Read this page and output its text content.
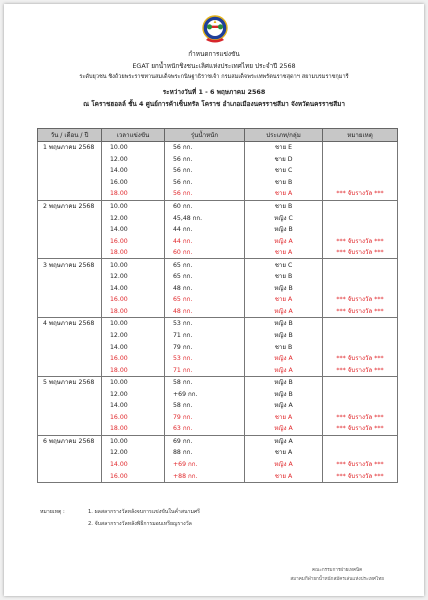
กำหนดการแข่งขัน
EGAT ยกน้ำหนักชิงชนะเลิศแห่งประเทศไทย ประจำปี 2568
ระดับยุวชน ชิงถ้วยพระราชทานสมเด็จพระกนิษฐาธิราชเจ้า กรมสมเด็จพระเทพรัตนราชสุดาฯ สยามบรมราชกุมารี
ระหว่างวันที่ 1 - 6 พฤษภาคม 2568
ณ โคราชฮอลล์ ชั้น 4 ศูนย์การค้าเซ็นทรัล โคราช อำเภอเมืองนครราชสีมา จังหวัดนครราชสีมา
วัน / เดือน / ปี	เวลาแข่งขัน	รุ่นน้ำหนัก	ประเภท/กลุ่ม	หมายเหตุ
1 พฤษภาคม 2568	10.00	56 กก.	ชาย E	
	12.00	56 กก.	ชาย D	
	14.00	56 กก.	ชาย C	
	16.00	56 กก.	ชาย B	
	18.00	56 กก.	ชาย A	*** จับรางวัล ***
2 พฤษภาคม 2568	10.00	60 กก.	ชาย B	
	12.00	45,48 กก.	หญิง C	
	14.00	44 กก.	หญิง B	
	16.00	44 กก.	หญิง A	*** จับรางวัล ***
	18.00	60 กก.	ชาย A	*** จับรางวัล ***
3 พฤษภาคม 2568	10.00	65 กก.	ชาย C	
	12.00	65 กก.	ชาย B	
	14.00	48 กก.	หญิง B	
	16.00	65 กก.	ชาย A	*** จับรางวัล ***
	18.00	48 กก.	หญิง A	*** จับรางวัล ***
4 พฤษภาคม 2568	10.00	53 กก.	หญิง B	
	12.00	71 กก.	หญิง B	
	14.00	79 กก.	ชาย B	
	16.00	53 กก.	หญิง A	*** จับรางวัล ***
	18.00	71 กก.	หญิง A	*** จับรางวัล ***
5 พฤษภาคม 2568	10.00	58 กก.	หญิง B	
	12.00	+69 กก.	หญิง B	
	14.00	58 กก.	หญิง A	
	16.00	79 กก.	ชาย A	*** จับรางวัล ***
	18.00	63 กก.	หญิง A	*** จับรางวัล ***
6 พฤษภาคม 2568	10.00	69 กก.	หญิง A	
	12.00	88 กก.	ชาย A	
	14.00	+69 กก.	หญิง A	*** จับรางวัล ***
	16.00	+88 กก.	ชาย A	*** จับรางวัล ***
หมายเหตุ :	1. ผลสลากรางวัลหลังจบการแข่งขันในค่ำสนามศรี
2. จับสลากรางวัลหลังพิธีการมอบเหรียญรางวัล
คณะกรรมการฝ่ายเทคนิค
สมาคมกีฬายกน้ำหนักสมัครเล่นแห่งประเทศไทย
